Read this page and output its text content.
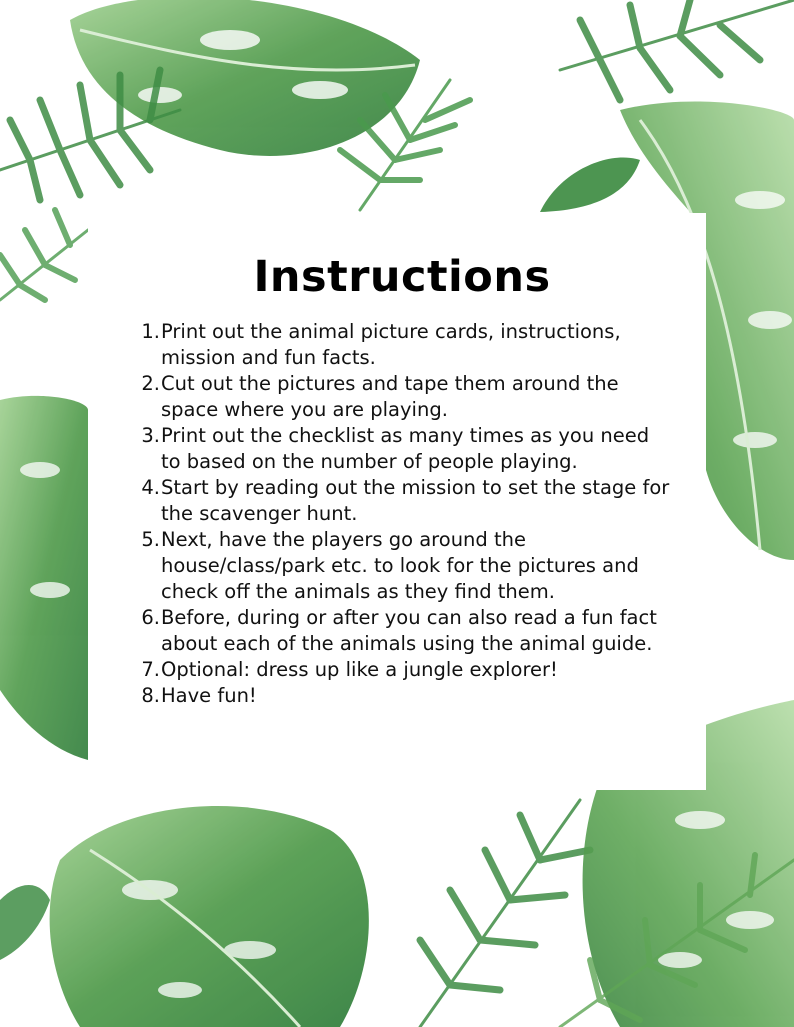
Instructions
1. Print out the animal picture cards, instructions, mission and fun facts.
2. Cut out the pictures and tape them around the space where you are playing.
3. Print out the checklist as many times as you need to based on the number of people playing.
4. Start by reading out the mission to set the stage for the scavenger hunt.
5. Next, have the players go around the house/class/park etc. to look for the pictures and check off the animals as they find them.
6. Before, during or after you can also read a fun fact about each of the animals using the animal guide.
7. Optional: dress up like a jungle explorer!
8. Have fun!
